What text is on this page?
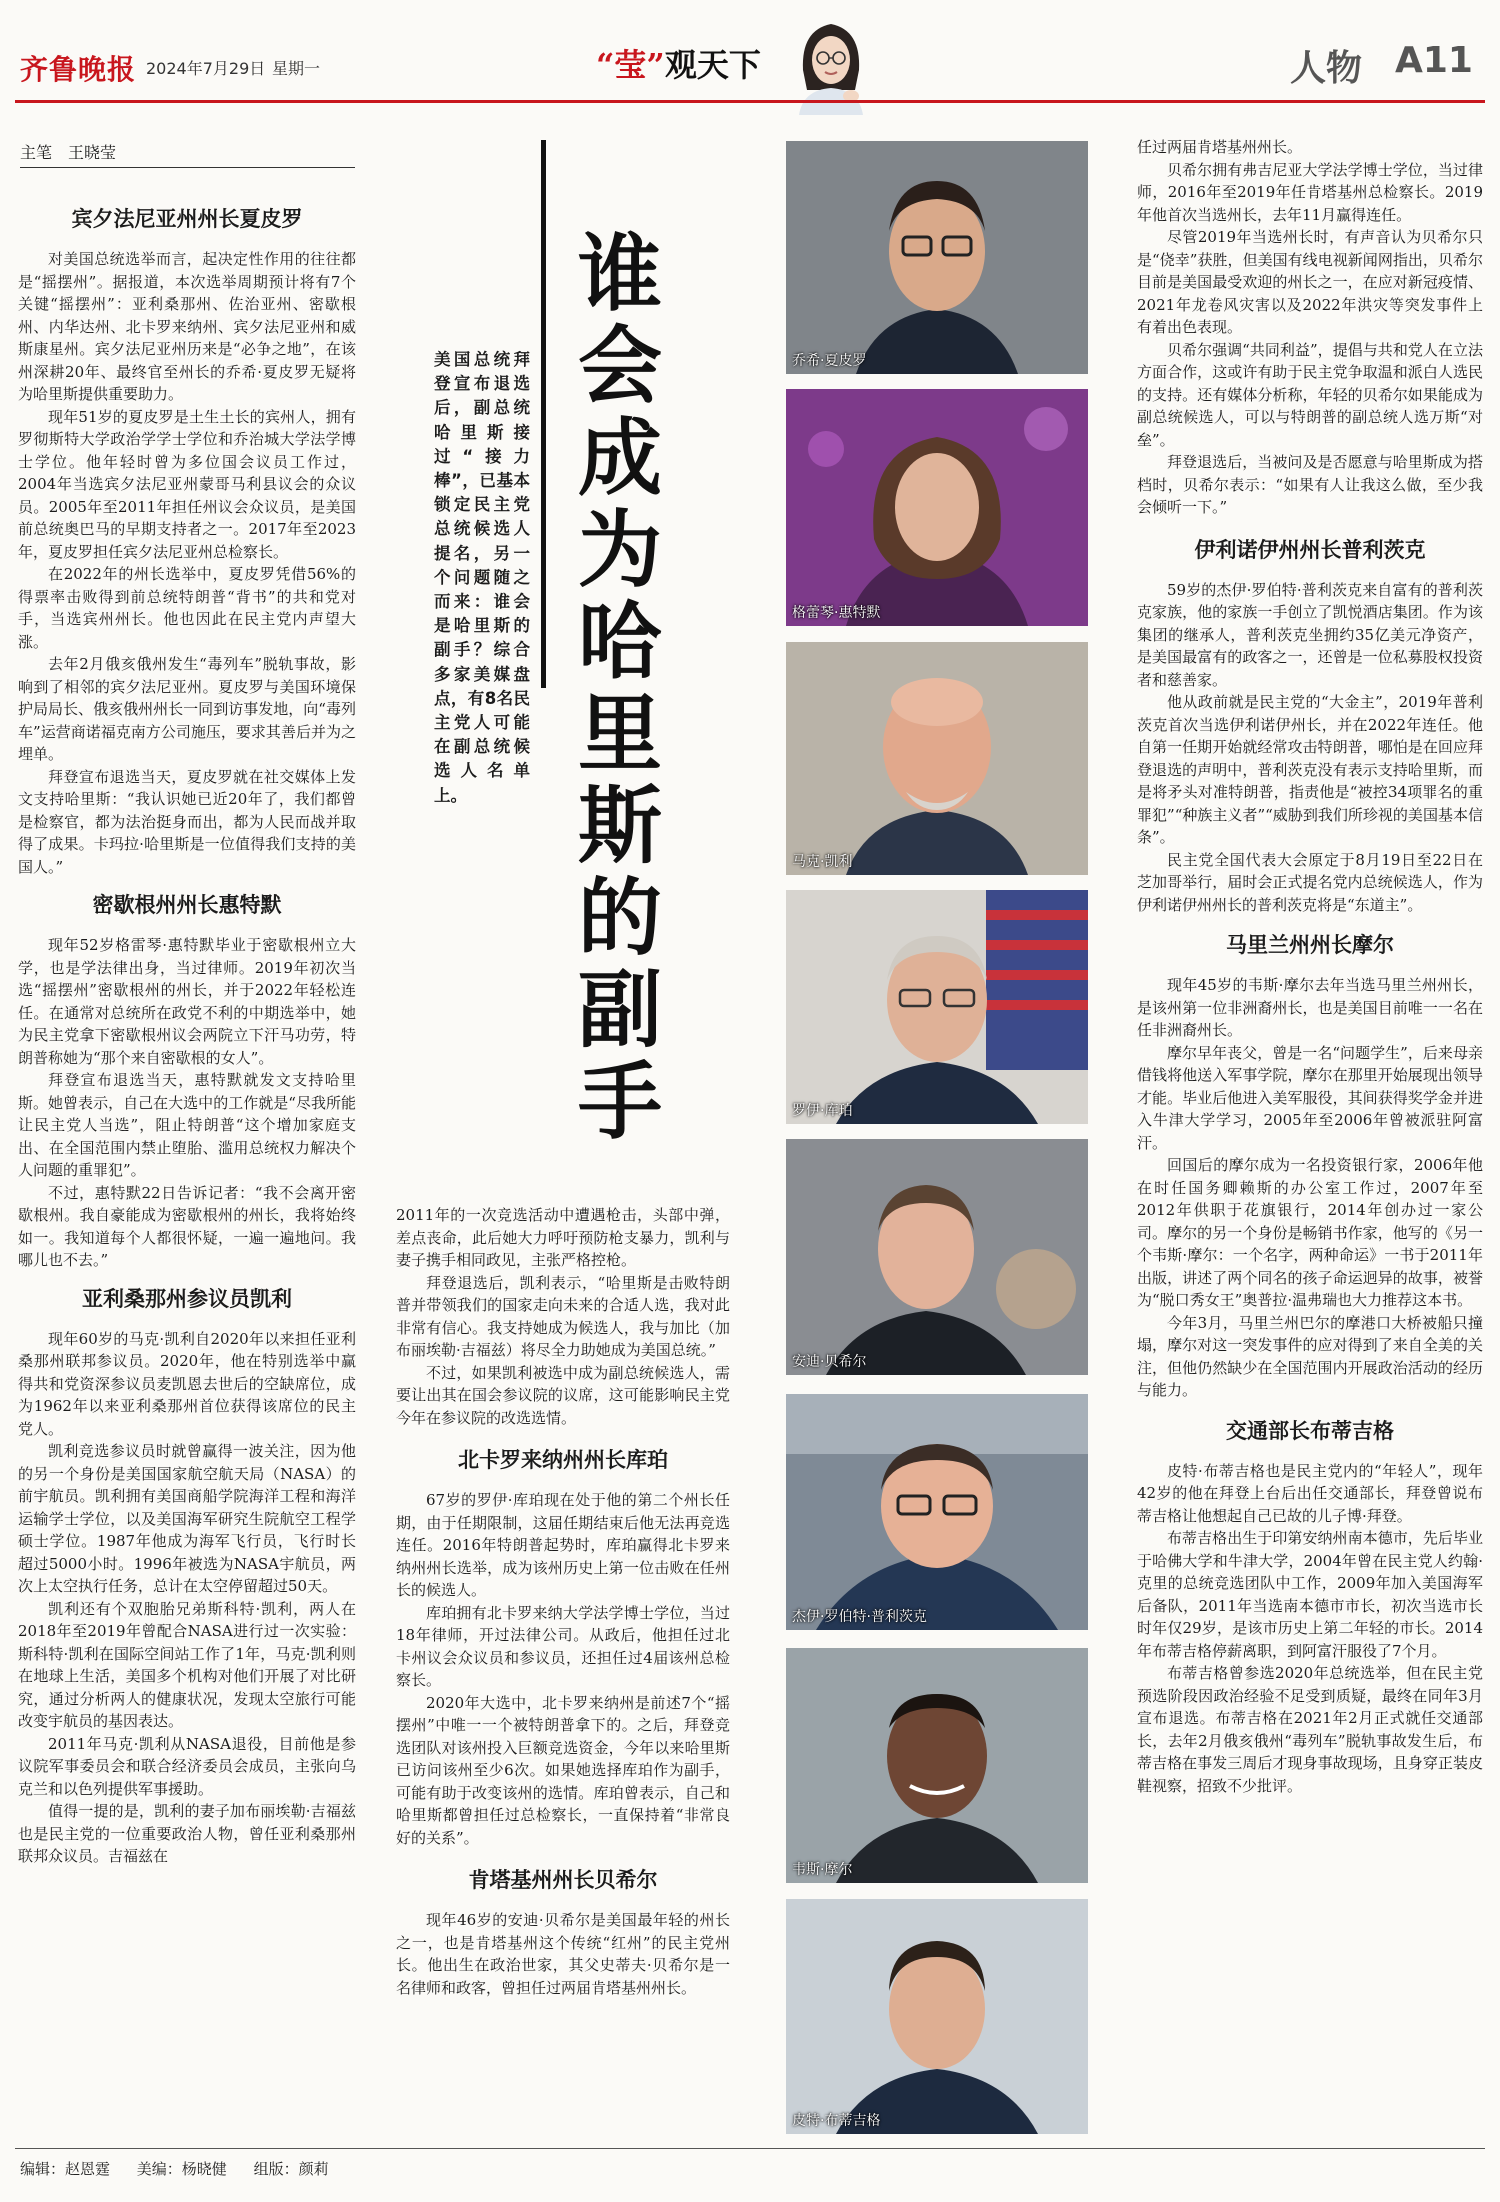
齐鲁晚报 2024年7月29日 星期一	“莹”观天下	人物 A11
主笔　王晓莹
宾夕法尼亚州州长夏皮罗

对美国总统选举而言，起决定性作用的往往都是“摇摆州”。据报道，本次选举周期预计将有7个关键“摇摆州”：亚利桑那州、佐治亚州、密歇根州、内华达州、北卡罗来纳州、宾夕法尼亚州和威斯康星州。宾夕法尼亚州历来是“必争之地”，在该州深耕20年、最终官至州长的乔希·夏皮罗无疑将为哈里斯提供重要助力。

现年51岁的夏皮罗是土生土长的宾州人，拥有罗彻斯特大学政治学学士学位和乔治城大学法学博士学位。他年轻时曾为多位国会议员工作过，2004年当选宾夕法尼亚州蒙哥马利县议会的众议员。2005年至2011年担任州议会众议员，是美国前总统奥巴马的早期支持者之一。2017年至2023年，夏皮罗担任宾夕法尼亚州总检察长。

在2022年的州长选举中，夏皮罗凭借56%的得票率击败得到前总统特朗普“背书”的共和党对手，当选宾州州长。他也因此在民主党内声望大涨。

去年2月俄亥俄州发生“毒列车”脱轨事故，影响到了相邻的宾夕法尼亚州。夏皮罗与美国环境保护局局长、俄亥俄州州长一同到访事发地，向“毒列车”运营商诺福克南方公司施压，要求其善后并为之埋单。

拜登宣布退选当天，夏皮罗就在社交媒体上发文支持哈里斯：“我认识她已近20年了，我们都曾是检察官，都为法治挺身而出，都为人民而战并取得了成果。卡玛拉·哈里斯是一位值得我们支持的美国人。”

密歇根州州长惠特默

现年52岁格雷琴·惠特默毕业于密歇根州立大学，也是学法律出身，当过律师。2019年初次当选“摇摆州”密歇根州的州长，并于2022年轻松连任。在通常对总统所在政党不利的中期选举中，她为民主党拿下密歇根州议会两院立下汗马功劳，特朗普称她为“那个来自密歇根的女人”。

拜登宣布退选当天，惠特默就发文支持哈里斯。她曾表示，自己在大选中的工作就是“尽我所能让民主党人当选”，阻止特朗普“这个增加家庭支出、在全国范围内禁止堕胎、滥用总统权力解决个人问题的重罪犯”。

不过，惠特默22日告诉记者：“我不会离开密歇根州。我自豪能成为密歇根州的州长，我将始终如一。我知道每个人都很怀疑，一遍一遍地问。我哪儿也不去。”

亚利桑那州参议员凯利

现年60岁的马克·凯利自2020年以来担任亚利桑那州联邦参议员。2020年，他在特别选举中赢得共和党资深参议员麦凯恩去世后的空缺席位，成为1962年以来亚利桑那州首位获得该席位的民主党人。

凯利竞选参议员时就曾赢得一波关注，因为他的另一个身份是美国国家航空航天局（NASA）的前宇航员。凯利拥有美国商船学院海洋工程和海洋运输学士学位，以及美国海军研究生院航空工程学硕士学位。1987年他成为海军飞行员，飞行时长超过5000小时。1996年被选为NASA宇航员，两次上太空执行任务，总计在太空停留超过50天。

凯利还有个双胞胎兄弟斯科特·凯利，两人在2018年至2019年曾配合NASA进行过一次实验：斯科特·凯利在国际空间站工作了1年，马克·凯利则在地球上生活，美国多个机构对他们开展了对比研究，通过分析两人的健康状况，发现太空旅行可能改变宇航员的基因表达。

2011年马克·凯利从NASA退役，目前他是参议院军事委员会和联合经济委员会成员，主张向乌克兰和以色列提供军事援助。

值得一提的是，凯利的妻子加布丽埃勒·吉福兹也是民主党的一位重要政治人物，曾任亚利桑那州联邦众议员。吉福兹在

谁会成为哈里斯的副手
美国总统拜登宣布退选后，副总统哈里斯接过“接力棒”，已基本锁定民主党总统候选人提名，另一个问题随之而来：谁会是哈里斯的副手？综合多家美媒盘点，有8名民主党人可能在副总统候选人名单上。

2011年的一次竞选活动中遭遇枪击，头部中弹，差点丧命，此后她大力呼吁预防枪支暴力，凯利与妻子携手相同政见，主张严格控枪。

拜登退选后，凯利表示，“哈里斯是击败特朗普并带领我们的国家走向未来的合适人选，我对此非常有信心。我支持她成为候选人，我与加比（加布丽埃勒·吉福兹）将尽全力助她成为美国总统。”

不过，如果凯利被选中成为副总统候选人，需要让出其在国会参议院的议席，这可能影响民主党今年在参议院的改选选情。

北卡罗来纳州州长库珀

67岁的罗伊·库珀现在处于他的第二个州长任期，由于任期限制，这届任期结束后他无法再竞选连任。2016年特朗普起势时，库珀赢得北卡罗来纳州州长选举，成为该州历史上第一位击败在任州长的候选人。

库珀拥有北卡罗来纳大学法学博士学位，当过18年律师，开过法律公司。从政后，他担任过北卡州议会众议员和参议员，还担任过4届该州总检察长。

2020年大选中，北卡罗来纳州是前述7个“摇摆州”中唯一一个被特朗普拿下的。之后，拜登竞选团队对该州投入巨额竞选资金，今年以来哈里斯已访问该州至少6次。如果她选择库珀作为副手，可能有助于改变该州的选情。库珀曾表示，自己和哈里斯都曾担任过总检察长，一直保持着“非常良好的关系”。

肯塔基州州长贝希尔

现年46岁的安迪·贝希尔是美国最年轻的州长之一，也是肯塔基州这个传统“红州”的民主党州长。他出生在政治世家，其父史蒂夫·贝希尔是一名律师和政客，曾担任过两届肯塔基州州长。

乔希·夏皮罗
格蕾琴·惠特默
马克·凯利
罗伊·库珀
安迪·贝希尔
杰伊·罗伯特·普利茨克
韦斯·摩尔
皮特·布蒂吉格

任过两届肯塔基州州长。

贝希尔拥有弗吉尼亚大学法学博士学位，当过律师，2016年至2019年任肯塔基州总检察长。2019年他首次当选州长，去年11月赢得连任。

尽管2019年当选州长时，有声音认为贝希尔只是“侥幸”获胜，但美国有线电视新闻网指出，贝希尔目前是美国最受欢迎的州长之一，在应对新冠疫情、2021年龙卷风灾害以及2022年洪灾等突发事件上有着出色表现。

贝希尔强调“共同利益”，提倡与共和党人在立法方面合作，这或许有助于民主党争取温和派白人选民的支持。还有媒体分析称，年轻的贝希尔如果能成为副总统候选人，可以与特朗普的副总统人选万斯“对垒”。

拜登退选后，当被问及是否愿意与哈里斯成为搭档时，贝希尔表示：“如果有人让我这么做，至少我会倾听一下。”

伊利诺伊州州长普利茨克

59岁的杰伊·罗伯特·普利茨克来自富有的普利茨克家族，他的家族一手创立了凯悦酒店集团。作为该集团的继承人，普利茨克坐拥约35亿美元净资产，是美国最富有的政客之一，还曾是一位私募股权投资者和慈善家。

他从政前就是民主党的“大金主”，2019年普利茨克首次当选伊利诺伊州长，并在2022年连任。他自第一任期开始就经常攻击特朗普，哪怕是在回应拜登退选的声明中，普利茨克没有表示支持哈里斯，而是将矛头对准特朗普，指责他是“被控34项罪名的重罪犯”“种族主义者”“威胁到我们所珍视的美国基本信条”。

民主党全国代表大会原定于8月19日至22日在芝加哥举行，届时会正式提名党内总统候选人，作为伊利诺伊州州长的普利茨克将是“东道主”。

马里兰州州长摩尔

现年45岁的韦斯·摩尔去年当选马里兰州州长，是该州第一位非洲裔州长，也是美国目前唯一一名在任非洲裔州长。

摩尔早年丧父，曾是一名“问题学生”，后来母亲借钱将他送入军事学院，摩尔在那里开始展现出领导才能。毕业后他进入美军服役，其间获得奖学金并进入牛津大学学习，2005年至2006年曾被派驻阿富汗。

回国后的摩尔成为一名投资银行家，2006年他在时任国务卿赖斯的办公室工作过，2007年至2012年供职于花旗银行，2014年创办过一家公司。摩尔的另一个身份是畅销书作家，他写的《另一个韦斯·摩尔：一个名字，两种命运》一书于2011年出版，讲述了两个同名的孩子命运迥异的故事，被誉为“脱口秀女王”奥普拉·温弗瑞也大力推荐这本书。

今年3月，马里兰州巴尔的摩港口大桥被船只撞塌，摩尔对这一突发事件的应对得到了来自全美的关注，但他仍然缺少在全国范围内开展政治活动的经历与能力。

交通部长布蒂吉格

皮特·布蒂吉格也是民主党内的“年轻人”，现年42岁的他在拜登上台后出任交通部长，拜登曾说布蒂吉格让他想起自己已故的儿子博·拜登。

布蒂吉格出生于印第安纳州南本德市，先后毕业于哈佛大学和牛津大学，2004年曾在民主党人约翰·克里的总统竞选团队中工作，2009年加入美国海军后备队，2011年当选南本德市市长，初次当选市长时年仅29岁，是该市历史上第二年轻的市长。2014年布蒂吉格停薪离职，到阿富汗服役了7个月。

布蒂吉格曾参选2020年总统选举，但在民主党预选阶段因政治经验不足受到质疑，最终在同年3月宣布退选。布蒂吉格在2021年2月正式就任交通部长，去年2月俄亥俄州“毒列车”脱轨事故发生后，布蒂吉格在事发三周后才现身事故现场，且身穿正装皮鞋视察，招致不少批评。

编辑：赵恩霆 美编：杨晓健 组版：颜莉
